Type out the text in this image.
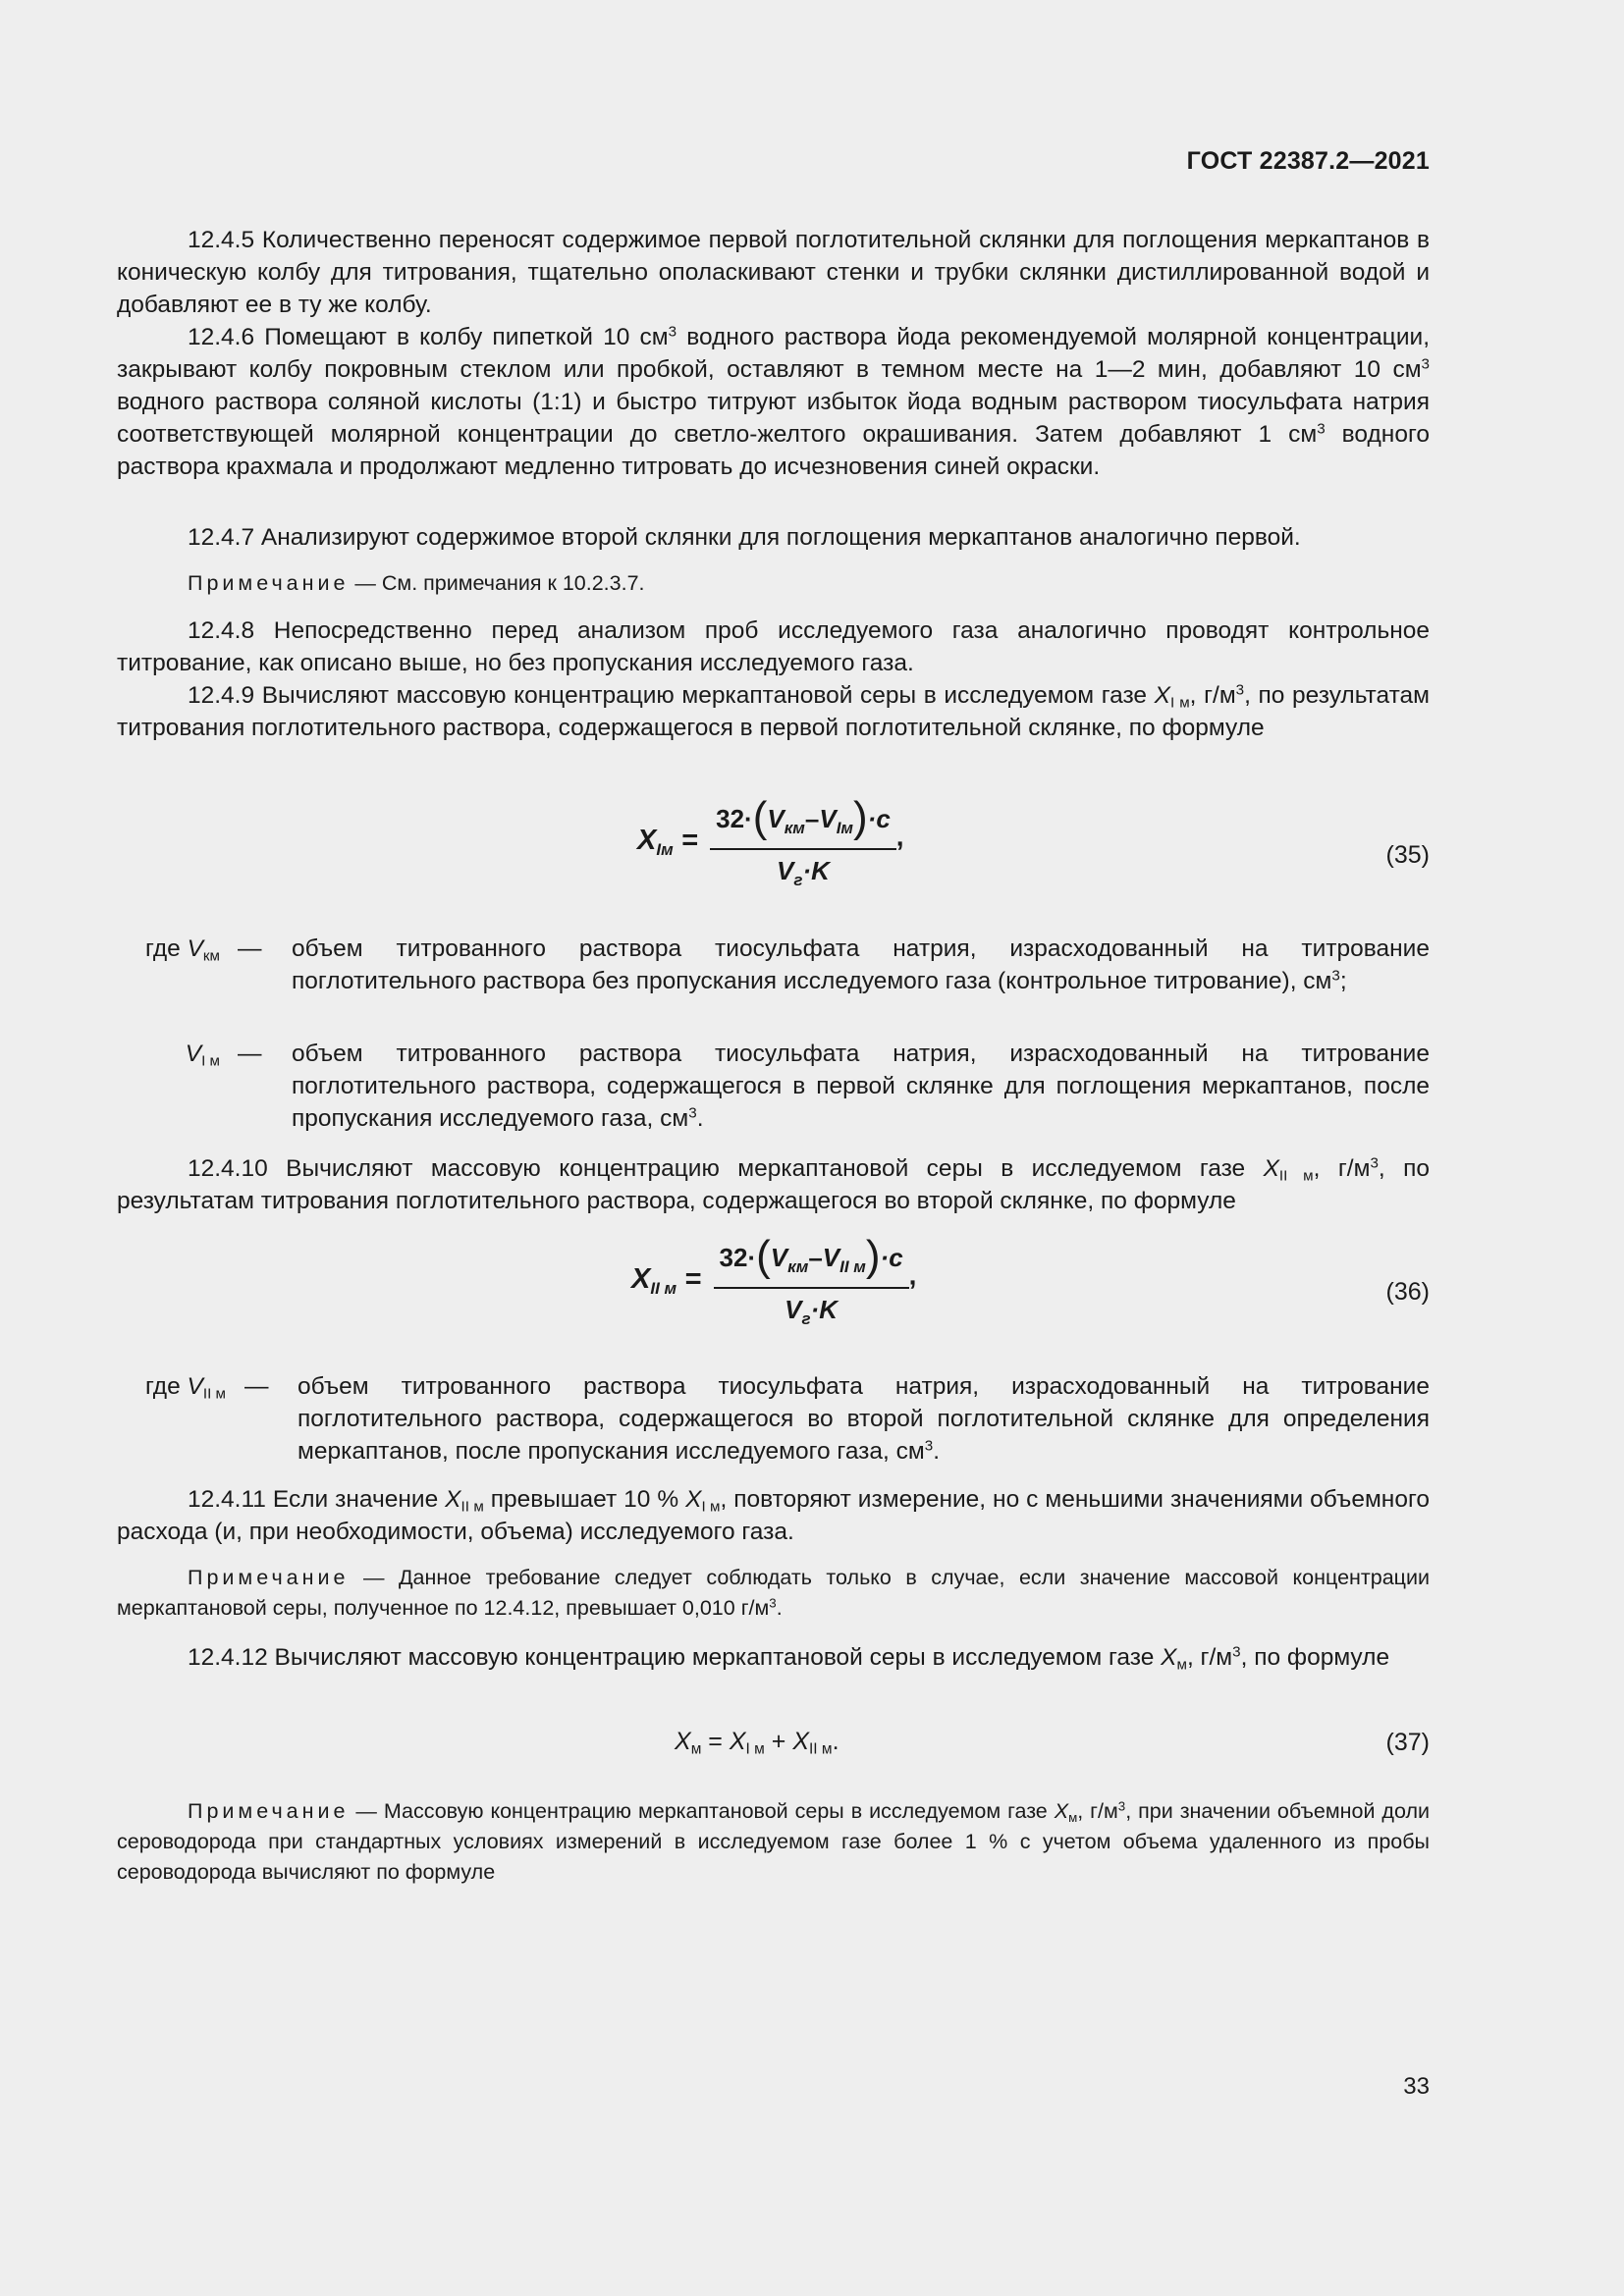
ГОСТ 22387.2—2021
12.4.5 Количественно переносят содержимое первой поглотительной склянки для поглощения меркаптанов в коническую колбу для титрования, тщательно ополаскивают стенки и трубки склянки дистиллированной водой и добавляют ее в ту же колбу.
12.4.6 Помещают в колбу пипеткой 10 $см^3$ водного раствора йода рекомендуемой молярной концентрации, закрывают колбу покровным стеклом или пробкой, оставляют в темном месте на 1—2 мин, добавляют 10 $см^3$ водного раствора соляной кислоты (1:1) и быстро титруют избыток йода водным раствором тиосульфата натрия соответствующей молярной концентрации до светло-желтого окрашивания. Затем добавляют 1 $см^3$ водного раствора крахмала и продолжают медленно титровать до исчезновения синей окраски.
12.4.7 Анализируют содержимое второй склянки для поглощения меркаптанов аналогично первой.
Примечание — См. примечания к 10.2.3.7.
12.4.8 Непосредственно перед анализом проб исследуемого газа аналогично проводят контрольное титрование, как описано выше, но без пропускания исследуемого газа.
12.4.9 Вычисляют массовую концентрацию меркаптановой серы в исследуемом газе $X_{I м}$, $г/м^3$, по результатам титрования поглотительного раствора, содержащегося в первой поглотительной склянке, по формуле
$X_{Iм} = \frac{32\cdot(V_{км}-V_{Iм})\cdot c}{V_г\cdot K}$ ,
(35)
где $V_{км}$ — объем титрованного раствора тиосульфата натрия, израсходованный на титрование поглотительного раствора без пропускания исследуемого газа (контрольное титрование), $см^3$;
$V_{I м}$ — объем титрованного раствора тиосульфата натрия, израсходованный на титрование поглотительного раствора, содержащегося в первой склянке для поглощения меркаптанов, после пропускания исследуемого газа, $см^3$.
12.4.10 Вычисляют массовую концентрацию меркаптановой серы в исследуемом газе $X_{II м}$, $г/м^3$, по результатам титрования поглотительного раствора, содержащегося во второй склянке, по формуле
$X_{II м} = \frac{32\cdot(V_{км}-V_{II м})\cdot c}{V_г\cdot K}$ ,
(36)
где $V_{II м}$ — объем титрованного раствора тиосульфата натрия, израсходованный на титрование поглотительного раствора, содержащегося во второй поглотительной склянке для определения меркаптанов, после пропускания исследуемого газа, $см^3$.
12.4.11 Если значение $X_{II м}$ превышает 10 % $X_{I м}$, повторяют измерение, но с меньшими значениями объемного расхода (и, при необходимости, объема) исследуемого газа.
Примечание — Данное требование следует соблюдать только в случае, если значение массовой концентрации меркаптановой серы, полученное по 12.4.12, превышает 0,010 $г/м^3$.
12.4.12 Вычисляют массовую концентрацию меркаптановой серы в исследуемом газе $X_м$, $г/м^3$, по формуле
$X_м = X_{I м} + X_{II м}$.	(37)
Примечание — Массовую концентрацию меркаптановой серы в исследуемом газе $X_м$, $г/м^3$, при значении объемной доли сероводорода при стандартных условиях измерений в исследуемом газе более 1 % с учетом объема удаленного из пробы сероводорода вычисляют по формуле
33
